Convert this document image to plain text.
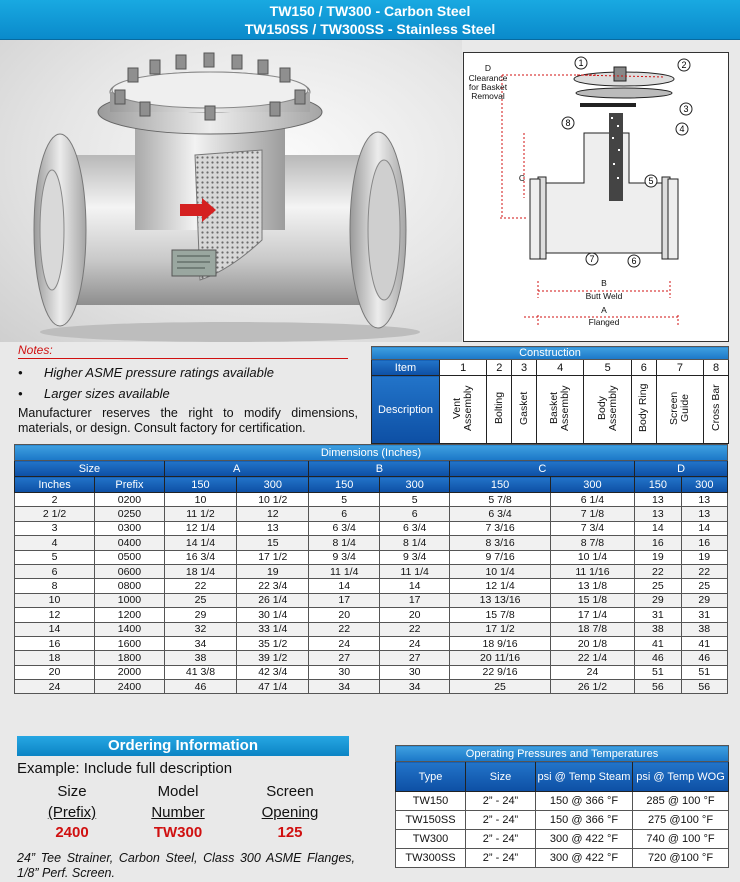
TW150 / TW300 - Carbon Steel
TW150SS / TW300SS - Stainless Steel
1	2
3
4
5
6
7
8
D
Clearance
for Basket
Removal
C
B
Butt Weld
A
Flanged
Notes:
•	Higher ASME pressure ratings available
•	Larger sizes available
Manufacturer reserves the right to modify dimensions, materials, or design. Consult factory for certification.
Construction								
Item	1	2	3	4	5	6	7	8
Description	Vent Assembly	Bolting	Gasket	Basket Assembly	Body Assembly	Body Ring	Screen Guide	Cross Bar
Dimensions (Inches)									
Size		A		B		C		D	
Inches	Prefix	150	300	150	300	150	300	150	300
2	0200	10	10 1/2	5	5	5 7/8	6 1/4	13	13
2 1/2	0250	11 1/2	12	6	6	6 3/4	7 1/8	13	13
3	0300	12 1/4	13	6 3/4	6 3/4	7 3/16	7 3/4	14	14
4	0400	14 1/4	15	8 1/4	8 1/4	8 3/16	8 7/8	16	16
5	0500	16 3/4	17 1/2	9 3/4	9 3/4	9 7/16	10 1/4	19	19
6	0600	18 1/4	19	11 1/4	11 1/4	10 1/4	11 1/16	22	22
8	0800	22	22 3/4	14	14	12 1/4	13 1/8	25	25
10	1000	25	26 1/4	17	17	13 13/16	15 1/8	29	29
12	1200	29	30 1/4	20	20	15 7/8	17 1/4	31	31
14	1400	32	33 1/4	22	22	17 1/2	18 7/8	38	38
16	1600	34	35 1/2	24	24	18 9/16	20 1/8	41	41
18	1800	38	39 1/2	27	27	20 11/16	22 1/4	46	46
20	2000	41 3/8	42 3/4	30	30	22 9/16	24	51	51
24	2400	46	47 1/4	34	34	25	26 1/2	56	56
Ordering Information
Example: Include full description
Size
(Prefix)
2400
Model
Number
TW300
Screen
Opening
125
24” Tee Strainer, Carbon Steel, Class 300 ASME Flanges, 1/8” Perf. Screen.
Operating Pressures and Temperatures			
Type	Size	psi @ Temp Steam	psi @ Temp WOG
TW150	2” - 24”	150 @ 366 °F	285 @ 100 °F
TW150SS	2” - 24”	150 @ 366 °F	275 @100 °F
TW300	2” - 24”	300 @ 422 °F	740 @ 100 °F
TW300SS	2” - 24”	300 @ 422 °F	720 @100 °F
